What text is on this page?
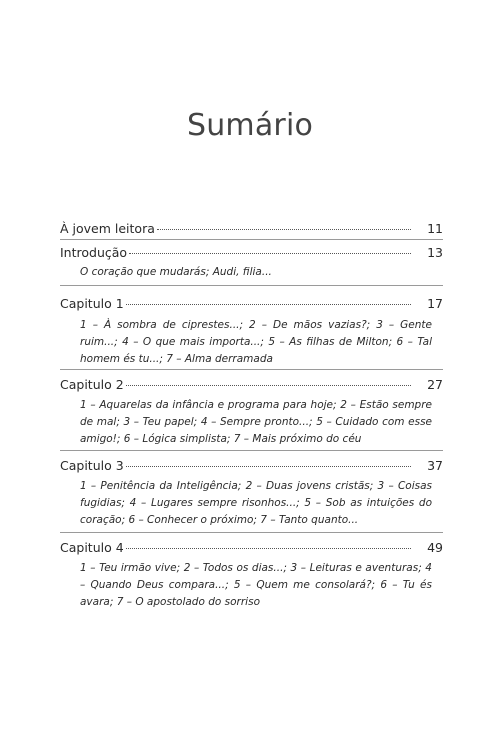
Sumário
À jovem leitora	11
Introdução	13
O coração que mudarás; Audi, filia...
Capitulo 1	17
1 – À sombra de ciprestes...; 2 – De mãos vazias?; 3 – Gente ruim...; 4 – O que mais importa...; 5 – As filhas de Milton; 6 – Tal homem és tu...; 7 – Alma derramada
Capitulo 2	27
1 – Aquarelas da infância e programa para hoje; 2 – Estão sempre de mal; 3 – Teu papel; 4 – Sempre pronto...; 5 – Cuidado com esse amigo!; 6 – Lógica simplista; 7 – Mais próximo do céu
Capitulo 3	37
1 – Penitência da Inteligência; 2 – Duas jovens cristãs; 3 – Coisas fugidias; 4 – Lugares sempre risonhos...; 5 – Sob as intuições do coração; 6 – Conhecer o próximo; 7 – Tanto quanto...
Capitulo 4	49
1 – Teu irmão vive; 2 – Todos os dias...; 3 – Leituras e aventuras; 4 – Quando Deus compara...; 5 – Quem me consolará?; 6 – Tu és avara; 7 – O apostolado do sorriso
